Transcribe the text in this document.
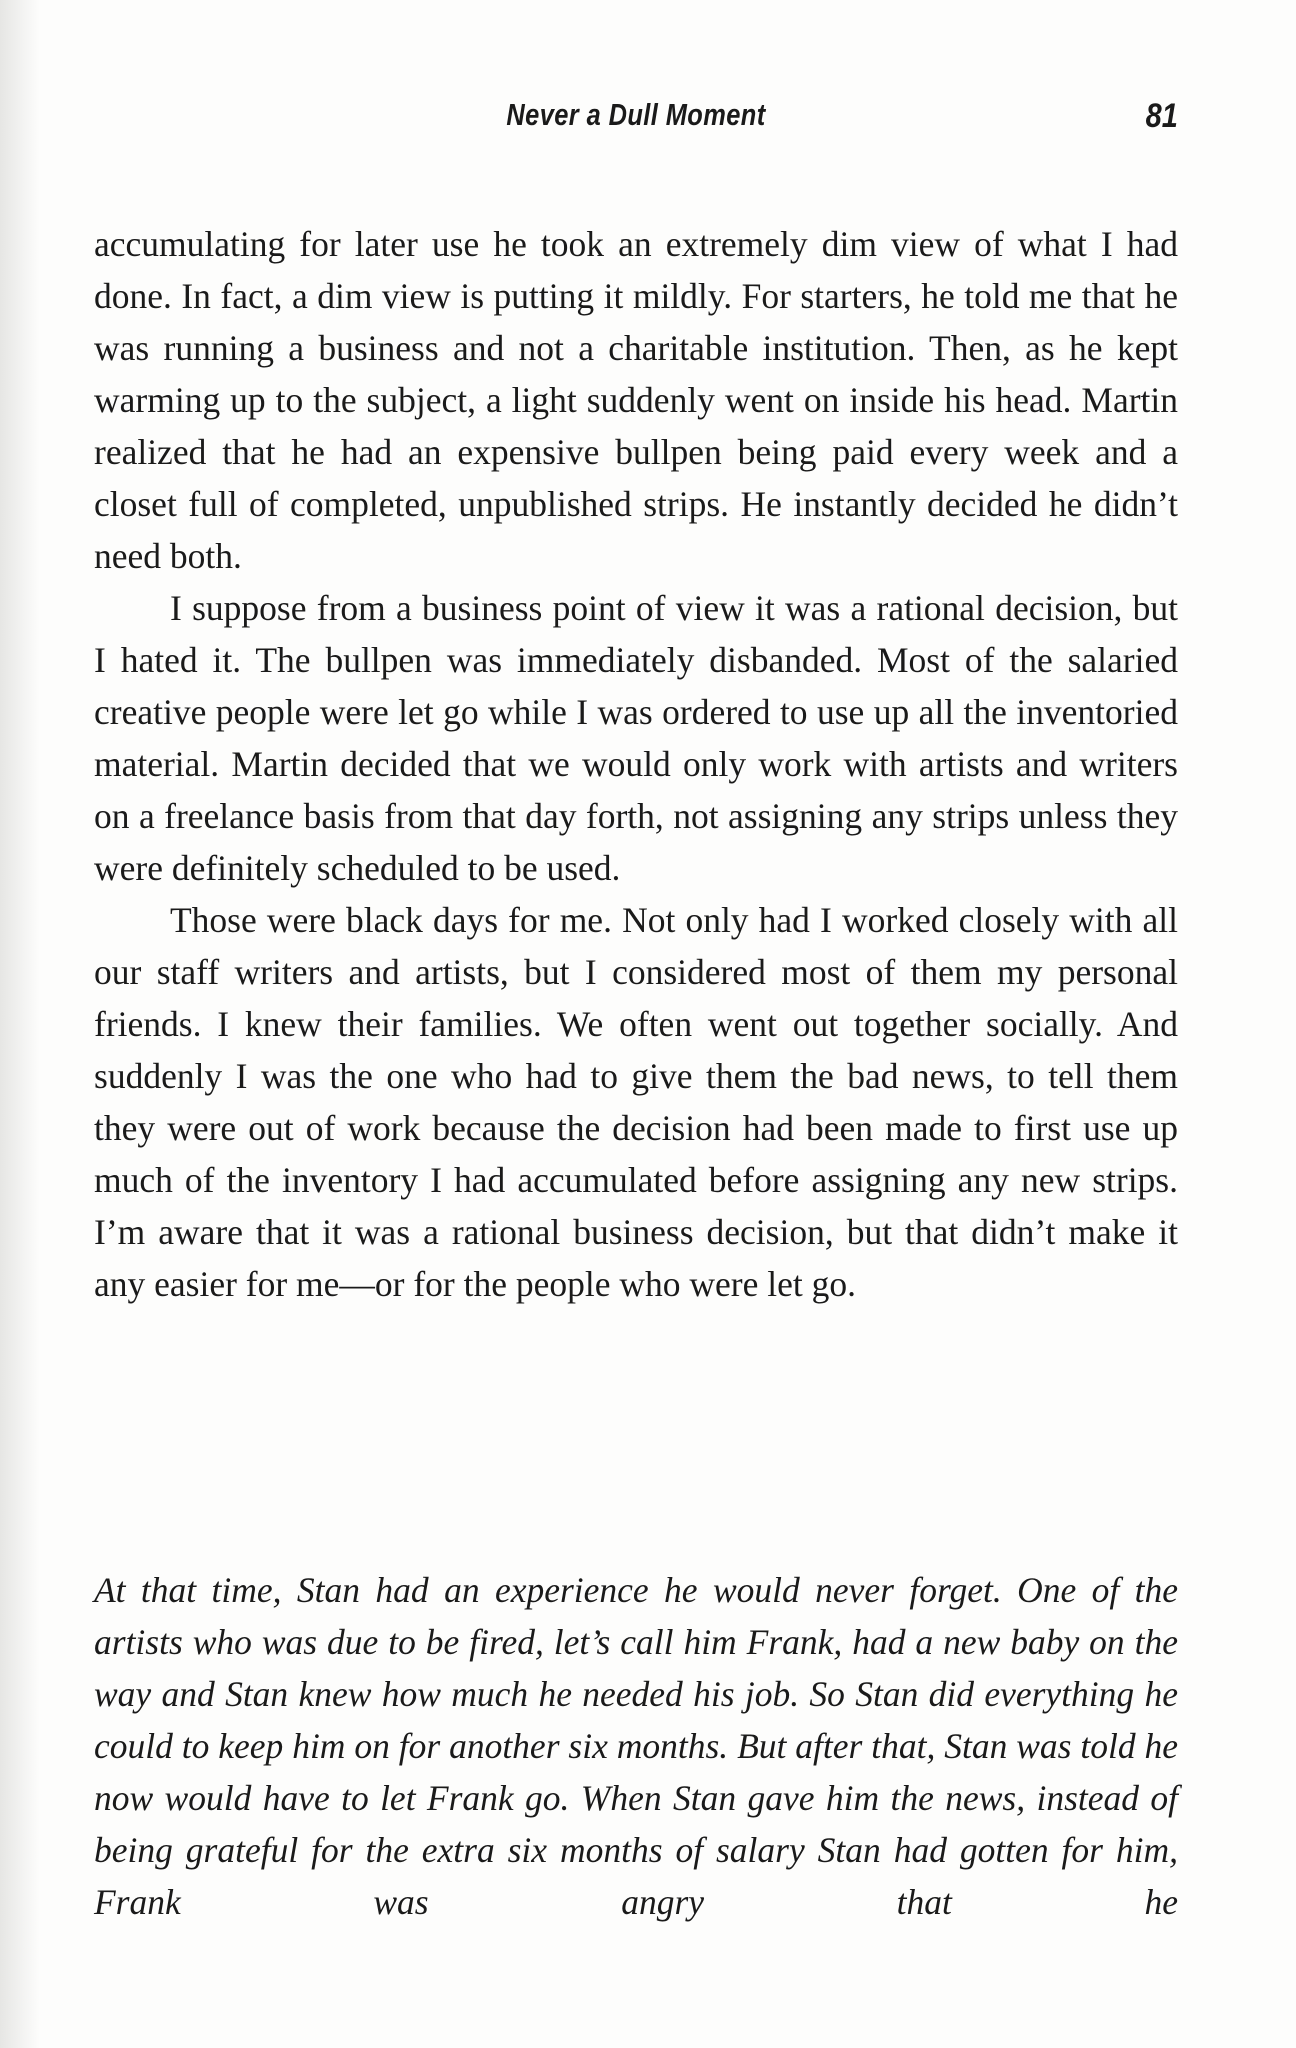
Never a Dull Moment	81

accumulating for later use he took an extremely dim view of what I had done. In fact, a dim view is putting it mildly. For starters, he told me that he was running a business and not a charitable institution. Then, as he kept warming up to the subject, a light suddenly went on inside his head. Martin realized that he had an expensive bullpen being paid every week and a closet full of completed, unpublished strips. He instantly decided he didn’t need both.

I suppose from a business point of view it was a rational decision, but I hated it. The bullpen was immediately disbanded. Most of the salaried creative people were let go while I was ordered to use up all the inventoried material. Martin decided that we would only work with artists and writers on a freelance basis from that day forth, not assigning any strips unless they were definitely scheduled to be used.

Those were black days for me. Not only had I worked closely with all our staff writers and artists, but I considered most of them my personal friends. I knew their families. We often went out together socially. And suddenly I was the one who had to give them the bad news, to tell them they were out of work because the decision had been made to first use up much of the inventory I had accumulated before assigning any new strips. I’m aware that it was a rational business decision, but that didn’t make it any easier for me—or for the people who were let go.

At that time, Stan had an experience he would never forget. One of the artists who was due to be fired, let’s call him Frank, had a new baby on the way and Stan knew how much he needed his job. So Stan did everything he could to keep him on for another six months. But after that, Stan was told he now would have to let Frank go. When Stan gave him the news, instead of being grateful for the extra six months of salary Stan had gotten for him, Frank was angry that he
